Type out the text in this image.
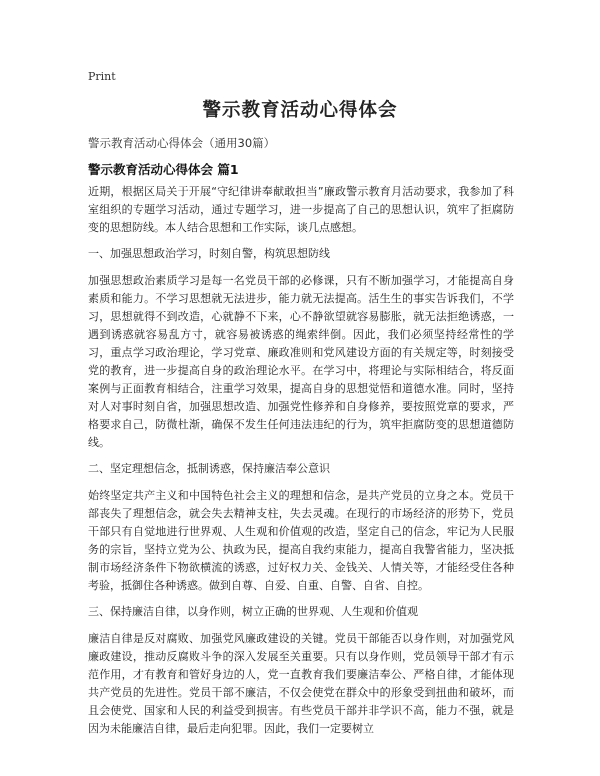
Print
警示教育活动心得体会
警示教育活动心得体会（通用30篇）
警示教育活动心得体会 篇1

近期，根据区局关于开展“守纪律讲奉献敢担当”廉政警示教育月活动要求，我参加了科室组织的专题学习活动，通过专题学习，进一步提高了自己的思想认识，筑牢了拒腐防变的思想防线。本人结合思想和工作实际，谈几点感想。

一、加强思想政治学习，时刻自警，构筑思想防线

加强思想政治素质学习是每一名党员干部的必修课，只有不断加强学习，才能提高自身素质和能力。不学习思想就无法进步，能力就无法提高。活生生的事实告诉我们，不学习，思想就得不到改造，心就静不下来，心不静欲望就容易膨胀，就无法拒绝诱惑，一遇到诱惑就容易乱方寸，就容易被诱惑的绳索绊倒。因此，我们必须坚持经常性的学习，重点学习政治理论，学习党章、廉政准则和党风建设方面的有关规定等，时刻接受党的教育，进一步提高自身的政治理论水平。在学习中，将理论与实际相结合，将反面案例与正面教育相结合，注重学习效果，提高自身的思想觉悟和道德水准。同时，坚持对人对事时刻自省，加强思想改造、加强党性修养和自身修养，要按照党章的要求，严格要求自己，防微杜渐，确保不发生任何违法违纪的行为，筑牢拒腐防变的思想道德防线。

二、坚定理想信念，抵制诱惑，保持廉洁奉公意识

始终坚定共产主义和中国特色社会主义的理想和信念，是共产党员的立身之本。党员干部丧失了理想信念，就会失去精神支柱，失去灵魂。在现行的市场经济的形势下，党员干部只有自觉地进行世界观、人生观和价值观的改造，坚定自己的信念，牢记为人民服务的宗旨，坚持立党为公、执政为民，提高自我约束能力，提高自我警省能力，坚决抵制市场经济条件下物欲横流的诱惑，过好权力关、金钱关、人情关等，才能经受住各种考验，抵御住各种诱惑。做到自尊、自爱、自重、自警、自省、自控。

三、保持廉洁自律，以身作则，树立正确的世界观、人生观和价值观

廉洁自律是反对腐败、加强党风廉政建设的关键。党员干部能否以身作则，对加强党风廉政建设，推动反腐败斗争的深入发展至关重要。只有以身作则，党员领导干部才有示范作用，才有教育和管好身边的人，党一直教育我们要廉洁奉公、严格自律，才能体现共产党员的先进性。党员干部不廉洁，不仅会使党在群众中的形象受到扭曲和破坏，而且会使党、国家和人民的利益受到损害。有些党员干部并非学识不高，能力不强，就是因为未能廉洁自律，最后走向犯罪。因此，我们一定要树立
